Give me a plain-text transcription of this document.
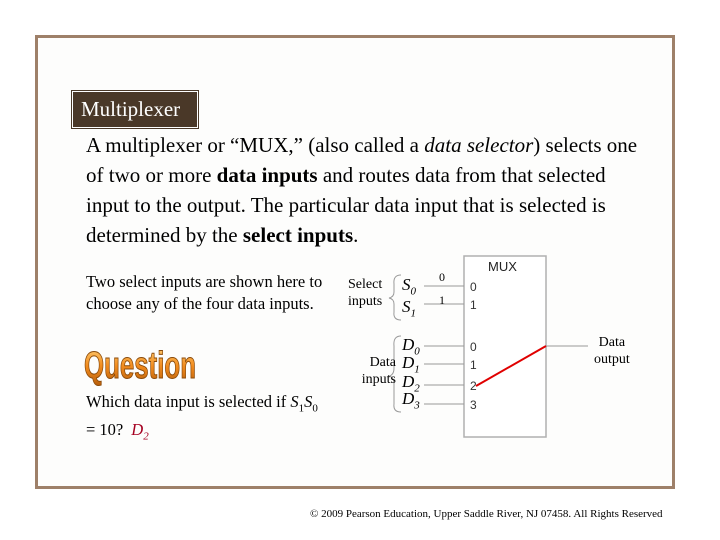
Multiplexer
A multiplexer or “MUX,” (also called a data selector) selects one of two or more data inputs and routes data from that selected input to the output. The particular data input that is selected is determined by the select inputs.
Two select inputs are shown here to choose any of the four data inputs.
Question
Which data input is selected if $S_1S_0 = 10$? $D_2$
MUX
0
1
0
1
2
3
Select
inputs
Data
inputs
Data
output
$S_0$
$S_1$
0
1
$D_0$
$D_1$
$D_2$
$D_3$
© 2009 Pearson Education, Upper Saddle River, NJ 07458. All Rights Reserved
